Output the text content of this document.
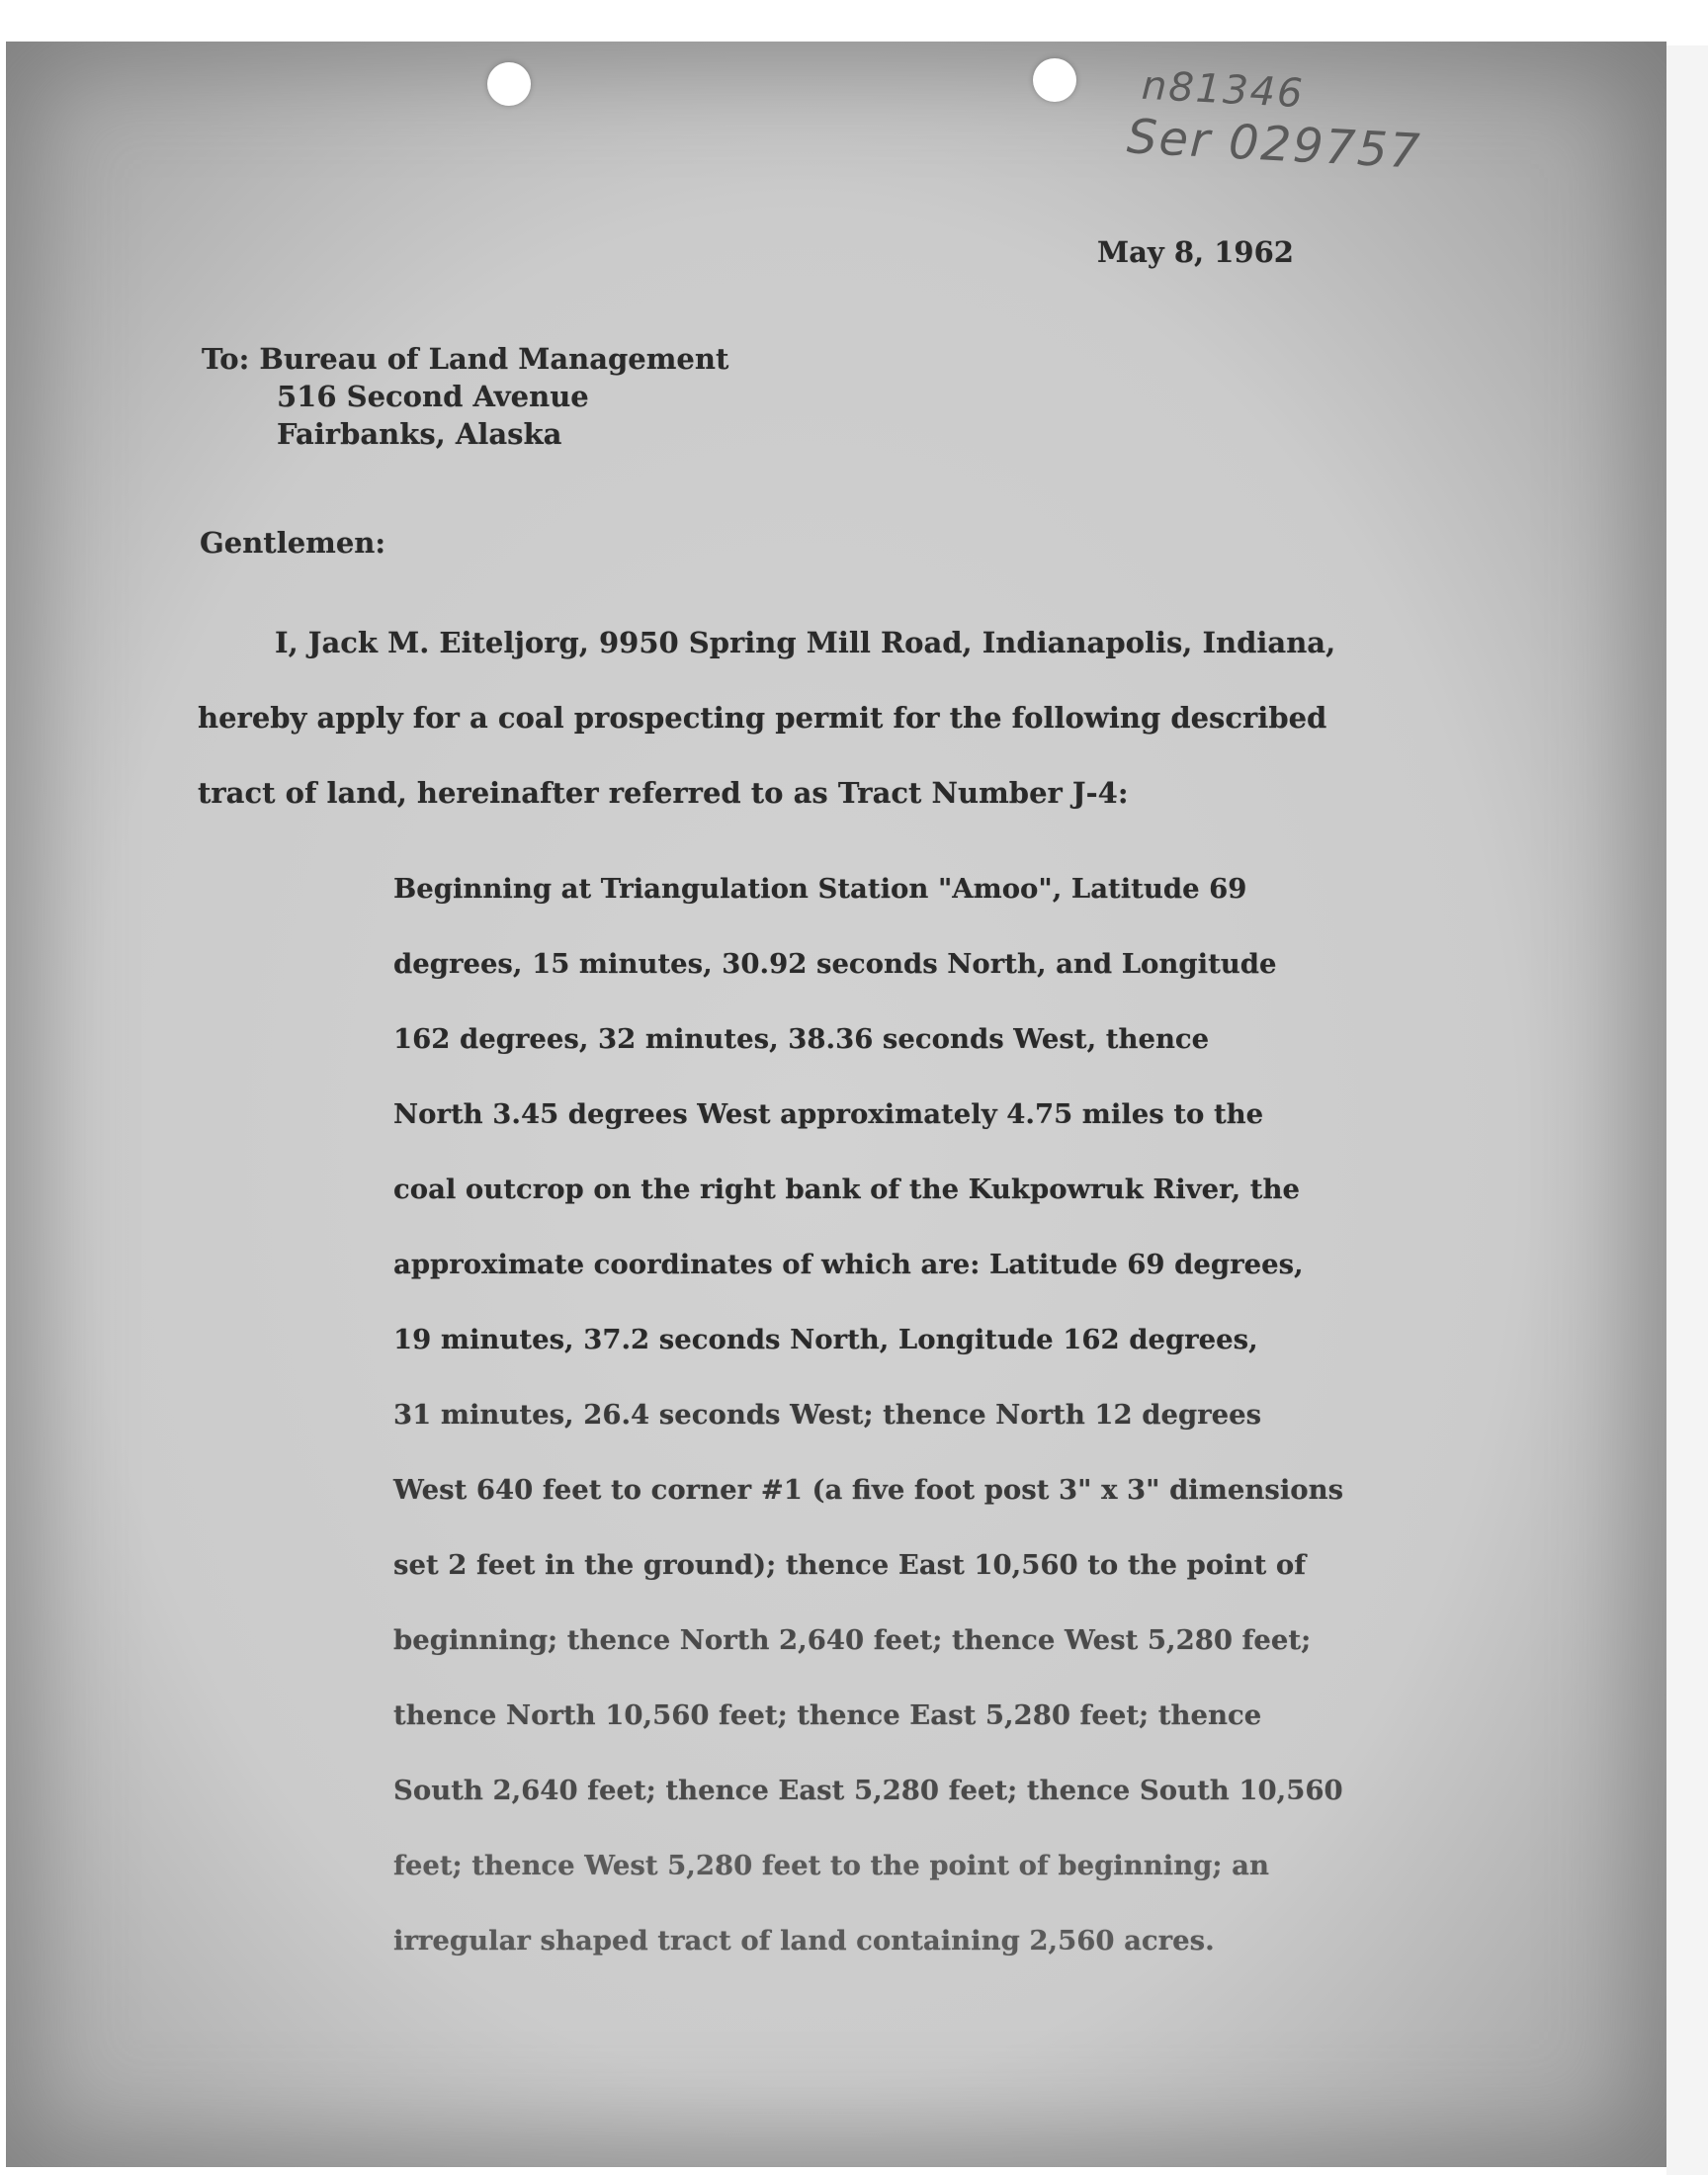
n81346
Ser 029757
May 8, 1962
To: Bureau of Land Management
516 Second Avenue
Fairbanks, Alaska
Gentlemen:
I, Jack M. Eiteljorg, 9950 Spring Mill Road, Indianapolis, Indiana,
hereby apply for a coal prospecting permit for the following described
tract of land, hereinafter referred to as Tract Number J-4:
Beginning at Triangulation Station "Amoo", Latitude 69
degrees, 15 minutes, 30.92 seconds North, and Longitude
162 degrees, 32 minutes, 38.36 seconds West, thence
North 3.45 degrees West approximately 4.75 miles to the
coal outcrop on the right bank of the Kukpowruk River, the
approximate coordinates of which are: Latitude 69 degrees,
19 minutes, 37.2 seconds North, Longitude 162 degrees,
31 minutes, 26.4 seconds West; thence North 12 degrees
West 640 feet to corner #1 (a five foot post 3" x 3" dimensions
set 2 feet in the ground); thence East 10,560 to the point of
beginning; thence North 2,640 feet; thence West 5,280 feet;
thence North 10,560 feet; thence East 5,280 feet; thence
South 2,640 feet; thence East 5,280 feet; thence South 10,560
feet; thence West 5,280 feet to the point of beginning; an
irregular shaped tract of land containing 2,560 acres.
